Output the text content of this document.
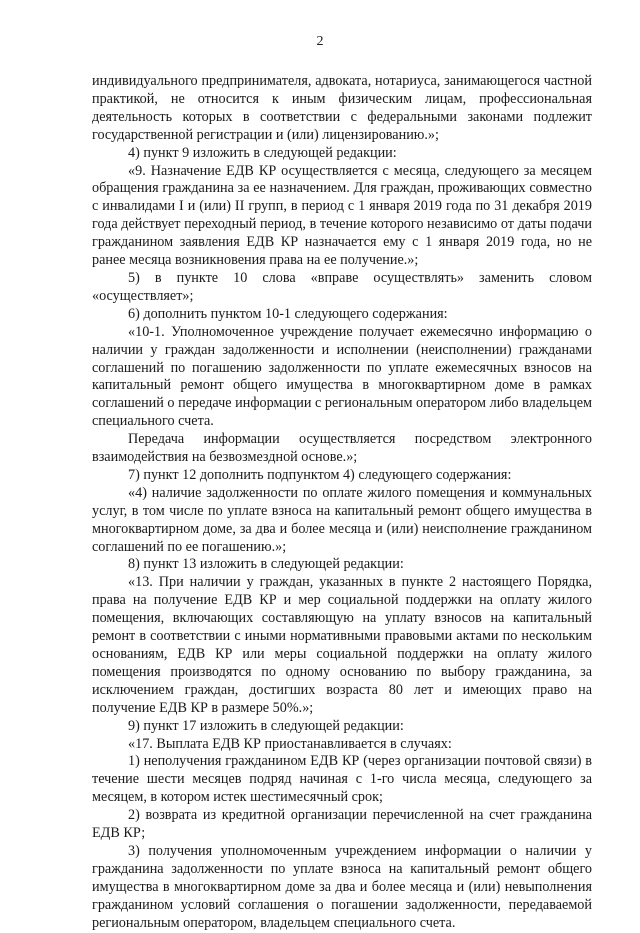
2

индивидуального предпринимателя, адвоката, нотариуса, занимающегося частной практикой, не относится к иным физическим лицам, профессиональная деятельность которых в соответствии с федеральными законами подлежит государственной регистрации и (или) лицензированию.»;

4) пункт 9 изложить в следующей редакции:

«9. Назначение ЕДВ КР осуществляется с месяца, следующего за месяцем обращения гражданина за ее назначением. Для граждан, проживающих совместно с инвалидами I и (или) II групп, в период с 1 января 2019 года по 31 декабря 2019 года действует переходный период, в течение которого независимо от даты подачи гражданином заявления ЕДВ КР назначается ему с 1 января 2019 года, но не ранее месяца возникновения права на ее получение.»;

5) в пункте 10 слова «вправе осуществлять» заменить словом «осуществляет»;

6) дополнить пунктом 10-1 следующего содержания:

«10-1. Уполномоченное учреждение получает ежемесячно информацию о наличии у граждан задолженности и исполнении (неисполнении) гражданами соглашений по погашению задолженности по уплате ежемесячных взносов на капитальный ремонт общего имущества в многоквартирном доме в рамках соглашений о передаче информации с региональным оператором либо владельцем специального счета.

Передача информации осуществляется посредством электронного взаимодействия на безвозмездной основе.»;

7) пункт 12 дополнить подпунктом 4) следующего содержания:

«4) наличие задолженности по оплате жилого помещения и коммунальных услуг, в том числе по уплате взноса на капитальный ремонт общего имущества в многоквартирном доме, за два и более месяца и (или) неисполнение гражданином соглашений по ее погашению.»;

8) пункт 13 изложить в следующей редакции:

«13. При наличии у граждан, указанных в пункте 2 настоящего Порядка, права на получение ЕДВ КР и мер социальной поддержки на оплату жилого помещения, включающих составляющую на уплату взносов на капитальный ремонт в соответствии с иными нормативными правовыми актами по нескольким основаниям, ЕДВ КР или меры социальной поддержки на оплату жилого помещения производятся по одному основанию по выбору гражданина, за исключением граждан, достигших возраста 80 лет и имеющих право на получение ЕДВ КР в размере 50%.»;

9) пункт 17 изложить в следующей редакции:

«17. Выплата ЕДВ КР приостанавливается в случаях:

1) неполучения гражданином ЕДВ КР (через организации почтовой связи) в течение шести месяцев подряд начиная с 1-го числа месяца, следующего за месяцем, в котором истек шестимесячный срок;

2) возврата из кредитной организации перечисленной на счет гражданина ЕДВ КР;

3) получения уполномоченным учреждением информации о наличии у гражданина задолженности по уплате взноса на капитальный ремонт общего имущества в многоквартирном доме за два и более месяца и (или) невыполнения гражданином условий соглашения о погашении задолженности, передаваемой региональным оператором, владельцем специального счета.
